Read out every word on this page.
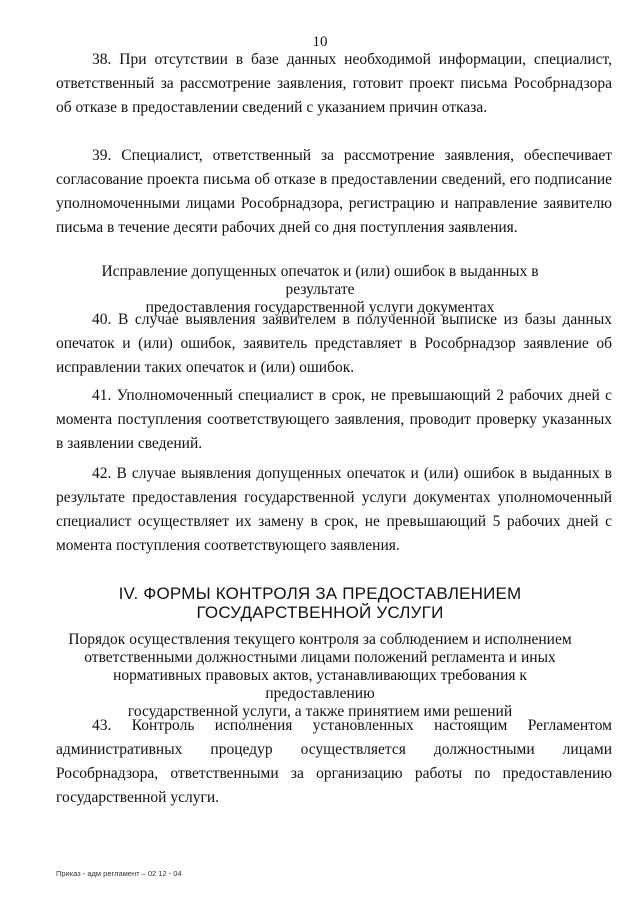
10

38. При отсутствии в базе данных необходимой информации, специалист, ответственный за рассмотрение заявления, готовит проект письма Рособрнадзора об отказе в предоставлении сведений с указанием причин отказа.

39. Специалист, ответственный за рассмотрение заявления, обеспечивает согласование проекта письма об отказе в предоставлении сведений, его подписание уполномоченными лицами Рособрнадзора, регистрацию и направление заявителю письма в течение десяти рабочих дней со дня поступления заявления.

Исправление допущенных опечаток и (или) ошибок в выданных в результате
предоставления государственной услуги документах

40. В случае выявления заявителем в полученной выписке из базы данных опечаток и (или) ошибок, заявитель представляет в Рособрнадзор заявление об исправлении таких опечаток и (или) ошибок.

41. Уполномоченный специалист в срок, не превышающий 2 рабочих дней с момента поступления соответствующего заявления, проводит проверку указанных в заявлении сведений.

42. В случае выявления допущенных опечаток и (или) ошибок в выданных в результате предоставления государственной услуги документах уполномоченный специалист осуществляет их замену в срок, не превышающий 5 рабочих дней с момента поступления соответствующего заявления.

IV. ФОРМЫ КОНТРОЛЯ ЗА ПРЕДОСТАВЛЕНИЕМ
ГОСУДАРСТВЕННОЙ УСЛУГИ
Порядок осуществления текущего контроля за соблюдением и исполнением
ответственными должностными лицами положений регламента и иных
нормативных правовых актов, устанавливающих требования к предоставлению
государственной услуги, а также принятием ими решений

43. Контроль исполнения установленных настоящим Регламентом административных процедур осуществляется должностными лицами Рособрнадзора, ответственными за организацию работы по предоставлению государственной услуги.

Приказ - адм регламент – 02 12 - 04
